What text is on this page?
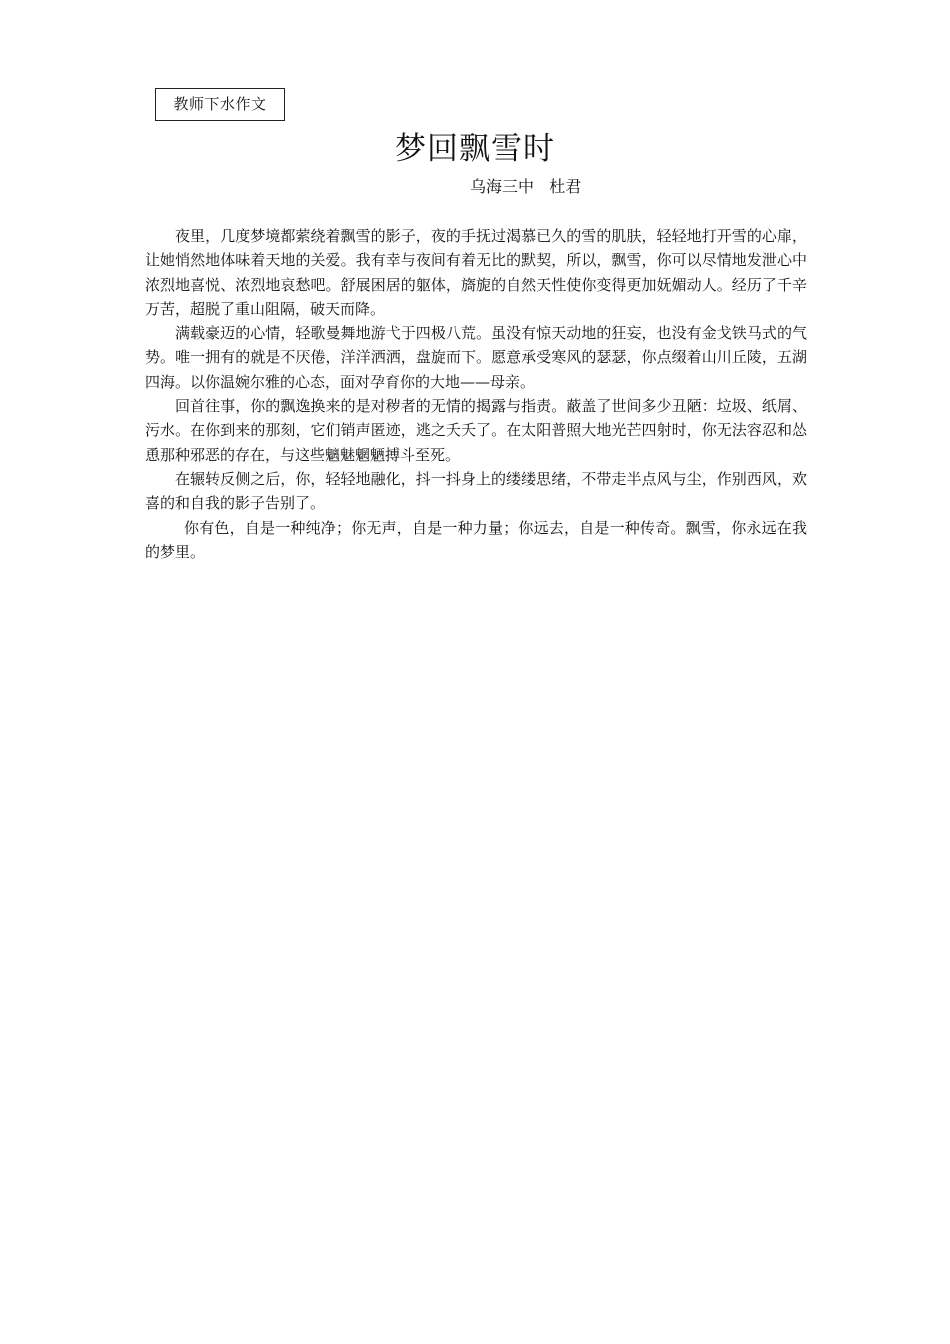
教师下水作文
梦回飘雪时
乌海三中   杜君

夜里，几度梦境都萦绕着飘雪的影子，夜的手抚过渴慕已久的雪的肌肤，轻轻地打开雪的心扉，让她悄然地体味着天地的关爱。我有幸与夜间有着无比的默契，所以，飘雪，你可以尽情地发泄心中浓烈地喜悦、浓烈地哀愁吧。舒展困居的躯体，旖旎的自然天性使你变得更加妩媚动人。经历了千辛万苦，超脱了重山阻隔，破天而降。

满载豪迈的心情，轻歌曼舞地游弋于四极八荒。虽没有惊天动地的狂妄，也没有金戈铁马式的气势。唯一拥有的就是不厌倦，洋洋洒洒，盘旋而下。愿意承受寒风的瑟瑟，你点缀着山川丘陵，五湖四海。以你温婉尔雅的心态，面对孕育你的大地——母亲。

回首往事，你的飘逸换来的是对秽者的无情的揭露与指责。蔽盖了世间多少丑陋：垃圾、纸屑、污水。在你到来的那刻，它们销声匿迹，逃之夭夭了。在太阳普照大地光芒四射时，你无法容忍和怂恿那种邪恶的存在，与这些魑魅魍魉搏斗至死。

在辗转反侧之后，你，轻轻地融化，抖一抖身上的缕缕思绪，不带走半点风与尘，作别西风，欢喜的和自我的影子告别了。

你有色，自是一种纯净；你无声，自是一种力量；你远去，自是一种传奇。飘雪，你永远在我的梦里。
